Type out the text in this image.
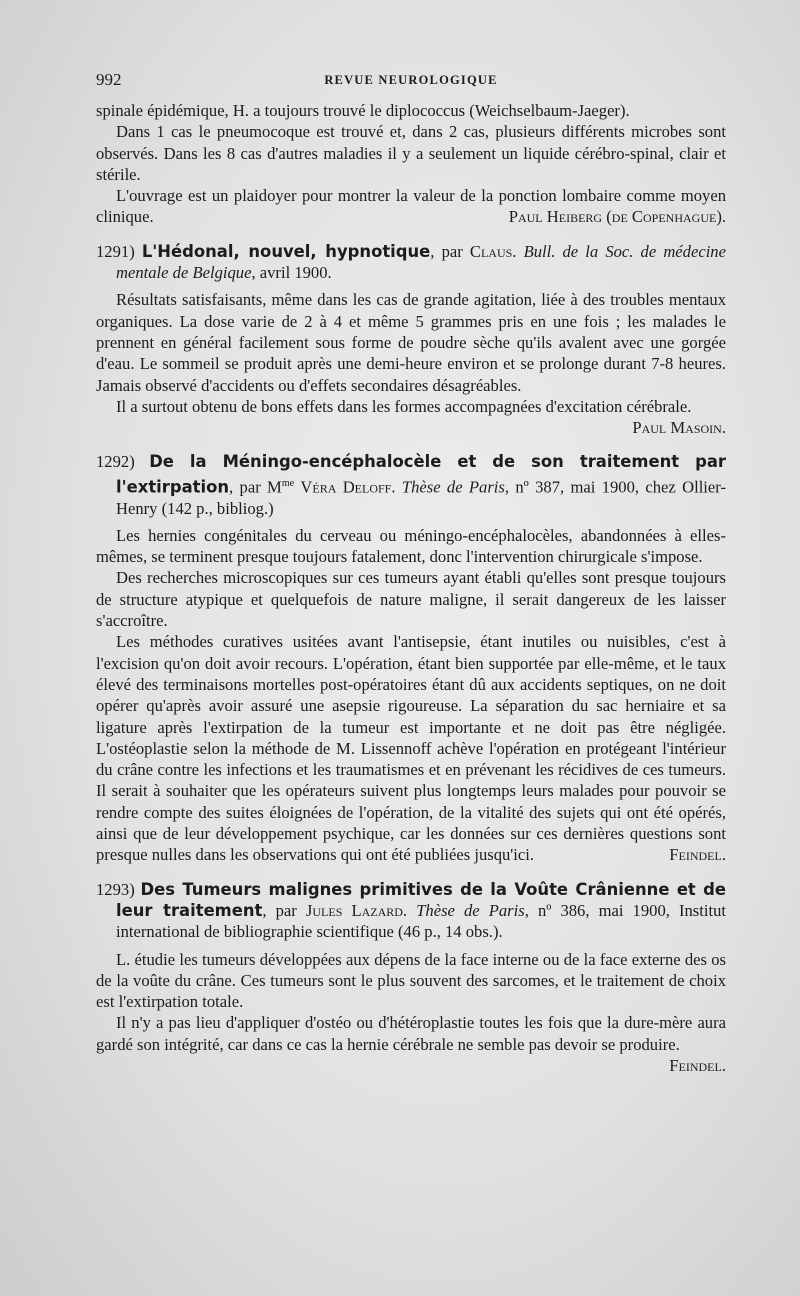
992	REVUE NEUROLOGIQUE

spinale épidémique, H. a toujours trouvé le diplococcus (Weichselbaum-Jaeger).

Dans 1 cas le pneumocoque est trouvé et, dans 2 cas, plusieurs différents microbes sont observés. Dans les 8 cas d'autres maladies il y a seulement un liquide cérébro-spinal, clair et stérile.

L'ouvrage est un plaidoyer pour montrer la valeur de la ponction lombaire comme moyen clinique.	Paul Heiberg (de Copenhague).

1291) L'Hédonal, nouvel, hypnotique, par Claus. Bull. de la Soc. de médecine mentale de Belgique, avril 1900.

Résultats satisfaisants, même dans les cas de grande agitation, liée à des troubles mentaux organiques. La dose varie de 2 à 4 et même 5 grammes pris en une fois ; les malades le prennent en général facilement sous forme de poudre sèche qu'ils avalent avec une gorgée d'eau. Le sommeil se produit après une demi-heure environ et se prolonge durant 7-8 heures. Jamais observé d'accidents ou d'effets secondaires désagréables.

Il a surtout obtenu de bons effets dans les formes accompagnées d'excitation cérébrale.
Paul Masoin.

1292) De la Méningo-encéphalocèle et de son traitement par l'extirpation, par $M^{me}$ Véra Deloff. Thèse de Paris, nº 387, mai 1900, chez Ollier-Henry (142 p., bibliog.)

Les hernies congénitales du cerveau ou méningo-encéphalocèles, abandonnées à elles-mêmes, se terminent presque toujours fatalement, donc l'intervention chirurgicale s'impose.

Des recherches microscopiques sur ces tumeurs ayant établi qu'elles sont presque toujours de structure atypique et quelquefois de nature maligne, il serait dangereux de les laisser s'accroître.

Les méthodes curatives usitées avant l'antisepsie, étant inutiles ou nuisibles, c'est à l'excision qu'on doit avoir recours. L'opération, étant bien supportée par elle-même, et le taux élevé des terminaisons mortelles post-opératoires étant dû aux accidents septiques, on ne doit opérer qu'après avoir assuré une asepsie rigoureuse. La séparation du sac herniaire et sa ligature après l'extirpation de la tumeur est importante et ne doit pas être négligée. L'ostéoplastie selon la méthode de M. Lissennoff achève l'opération en protégeant l'intérieur du crâne contre les infections et les traumatismes et en prévenant les récidives de ces tumeurs. Il serait à souhaiter que les opérateurs suivent plus longtemps leurs malades pour pouvoir se rendre compte des suites éloignées de l'opération, de la vitalité des sujets qui ont été opérés, ainsi que de leur développement psychique, car les données sur ces dernières questions sont presque nulles dans les observations qui ont été publiées jusqu'ici.	Feindel.

1293) Des Tumeurs malignes primitives de la Voûte Crânienne et de leur traitement, par Jules Lazard. Thèse de Paris, nº 386, mai 1900, Institut international de bibliographie scientifique (46 p., 14 obs.).

L. étudie les tumeurs développées aux dépens de la face interne ou de la face externe des os de la voûte du crâne. Ces tumeurs sont le plus souvent des sarcomes, et le traitement de choix est l'extirpation totale.

Il n'y a pas lieu d'appliquer d'ostéo ou d'hétéroplastie toutes les fois que la dure-mère aura gardé son intégrité, car dans ce cas la hernie cérébrale ne semble pas devoir se produire.
Feindel.
